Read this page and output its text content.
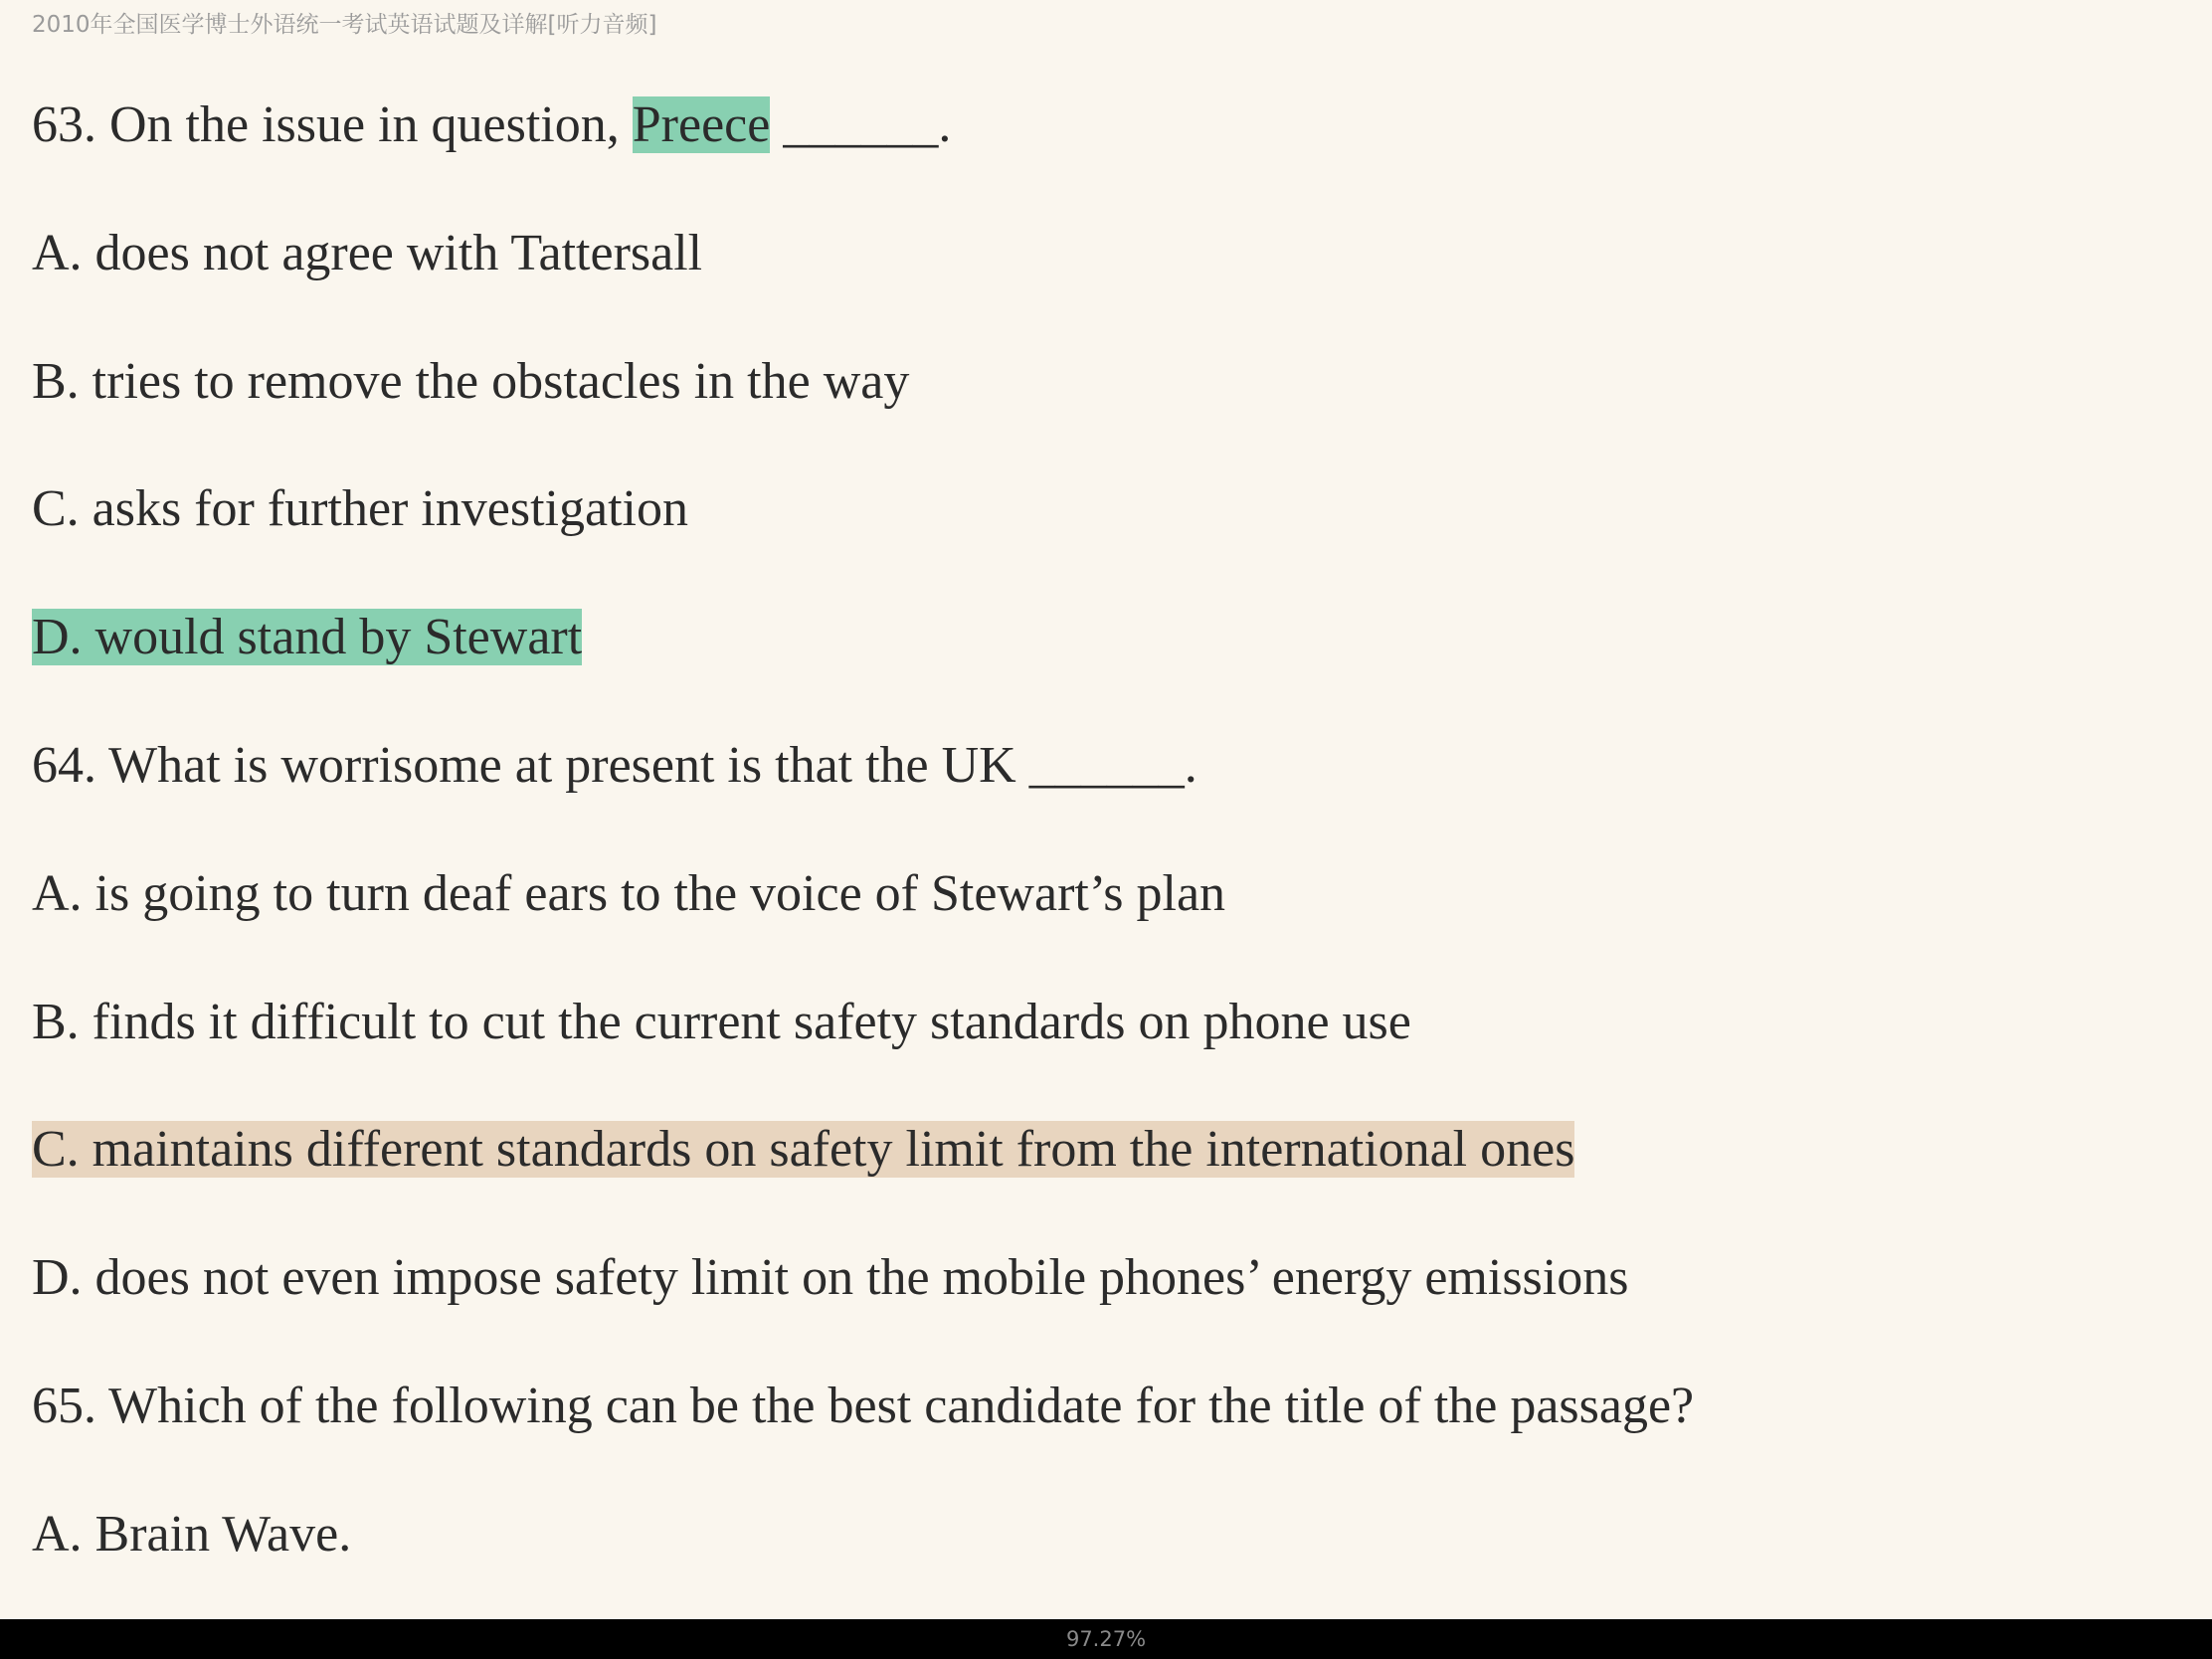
2010年全国医学博士外语统一考试英语试题及详解[听力音频]
63. On the issue in question, Preece ______.
A. does not agree with Tattersall
B. tries to remove the obstacles in the way
C. asks for further investigation
D. would stand by Stewart
64. What is worrisome at present is that the UK ______.
A. is going to turn deaf ears to the voice of Stewart’s plan
B. finds it difficult to cut the current safety standards on phone use
C. maintains different standards on safety limit from the international ones
D. does not even impose safety limit on the mobile phones’ energy emissions
65. Which of the following can be the best candidate for the title of the passage?
A. Brain Wave.
97.27%
